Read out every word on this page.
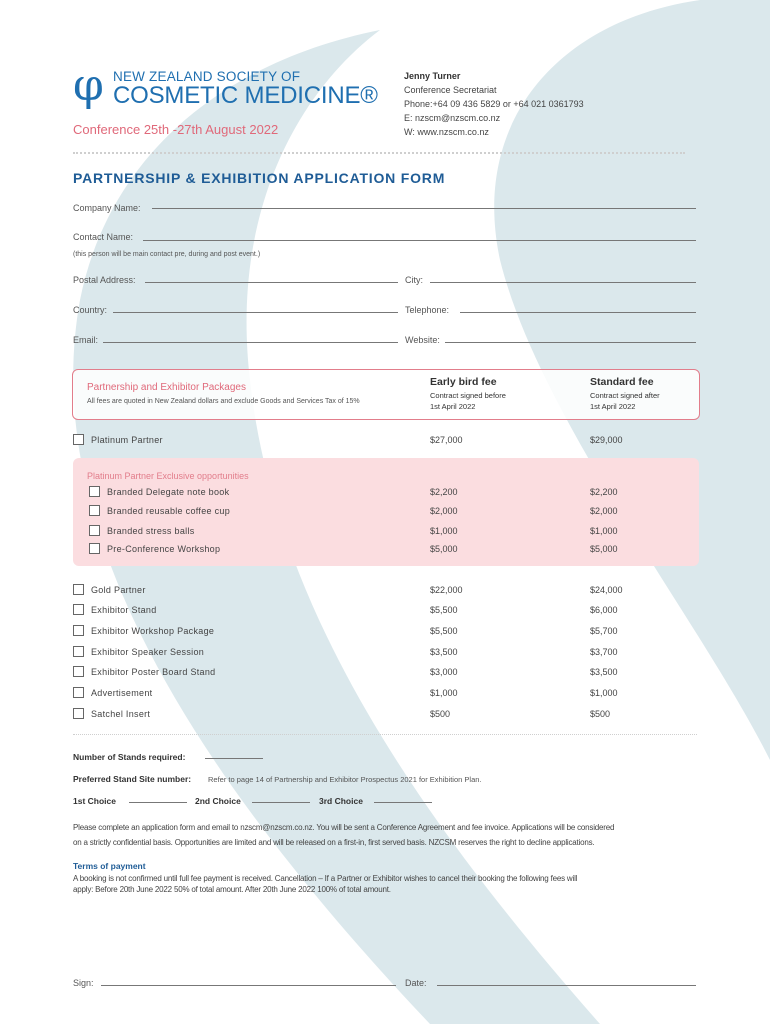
φ NEW ZEALAND SOCIETY OF
COSMETIC MEDICINE®
Conference 25th -27th August 2022
Jenny Turner
Conference Secretariat
Phone:+64 09 436 5829 or +64 021 0361793
E: nzscm@nzscm.co.nz
W: www.nzscm.co.nz
PARTNERSHIP & EXHIBITION APPLICATION FORM
Company Name:
Contact Name:
(this person will be main contact pre, during and post event.)
Postal Address:	City:
Country:	Telephone:
Email:	Website:
Partnership and Exhibitor Packages
All fees are quoted in New Zealand dollars and exclude Goods and Services Tax of 15%
Early bird fee
Contract signed before
1st April 2022
Standard fee
Contract signed after
1st April 2022
Platinum Partner	$27,000	$29,000
Platinum Partner Exclusive opportunities
Branded Delegate note book	$2,200	$2,200
Branded reusable coffee cup	$2,000	$2,000
Branded stress balls	$1,000	$1,000
Pre-Conference Workshop	$5,000	$5,000
Gold Partner	$22,000	$24,000
Exhibitor Stand	$5,500	$6,000
Exhibitor Workshop Package	$5,500	$5,700
Exhibitor Speaker Session	$3,500	$3,700
Exhibitor Poster Board Stand	$3,000	$3,500
Advertisement	$1,000	$1,000
Satchel Insert	$500	$500
Number of Stands required:
Preferred Stand Site number: Refer to page 14 of Partnership and Exhibitor Prospectus 2021 for Exhibition Plan.
1st Choice	2nd Choice	3rd Choice
Please complete an application form and email to nzscm@nzscm.co.nz. You will be sent a Conference Agreement and fee invoice. Applications will be considered
on a strictly confidential basis. Opportunities are limited and will be released on a first-in, first served basis. NZCSM reserves the right to decline applications.
Terms of payment
A booking is not confirmed until full fee payment is received. Cancellation – If a Partner or Exhibitor wishes to cancel their booking the following fees will
apply: Before 20th June 2022 50% of total amount. After 20th June 2022 100% of total amount.
Sign:	Date:
